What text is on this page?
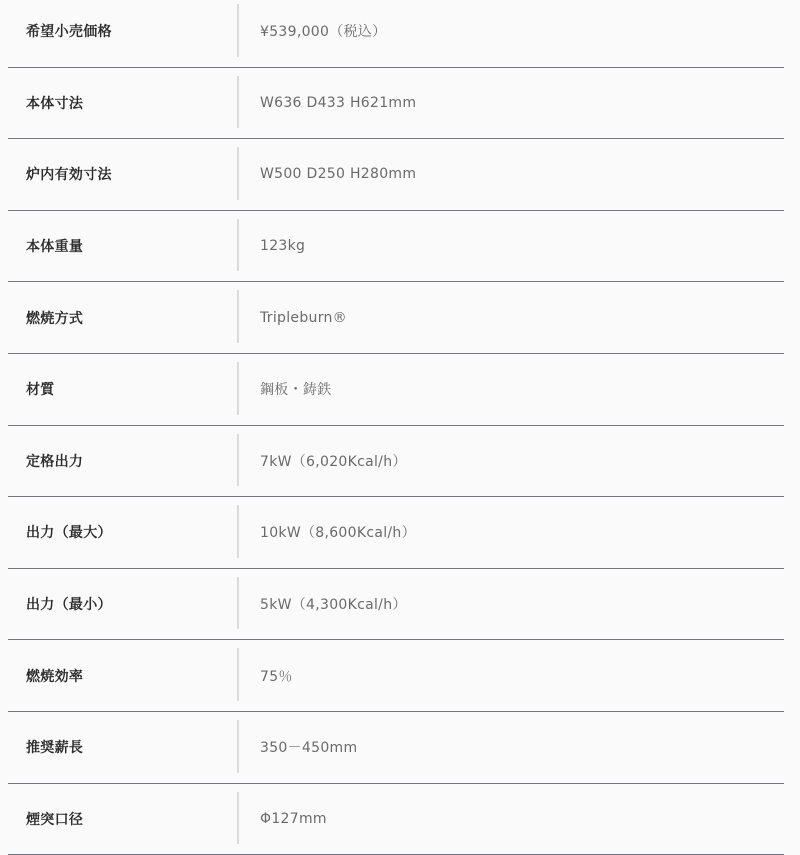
希望小売価格	¥539,000（税込）
本体寸法	W636 D433 H621mm
炉内有効寸法	W500 D250 H280mm
本体重量	123kg
燃焼方式	Tripleburn®
材質	鋼板・鋳鉄
定格出力	7kW（6,020Kcal/h）
出力（最大）	10kW（8,600Kcal/h）
出力（最小）	5kW（4,300Kcal/h）
燃焼効率	75％
推奨薪長	350－450mm
煙突口径	Φ127mm
